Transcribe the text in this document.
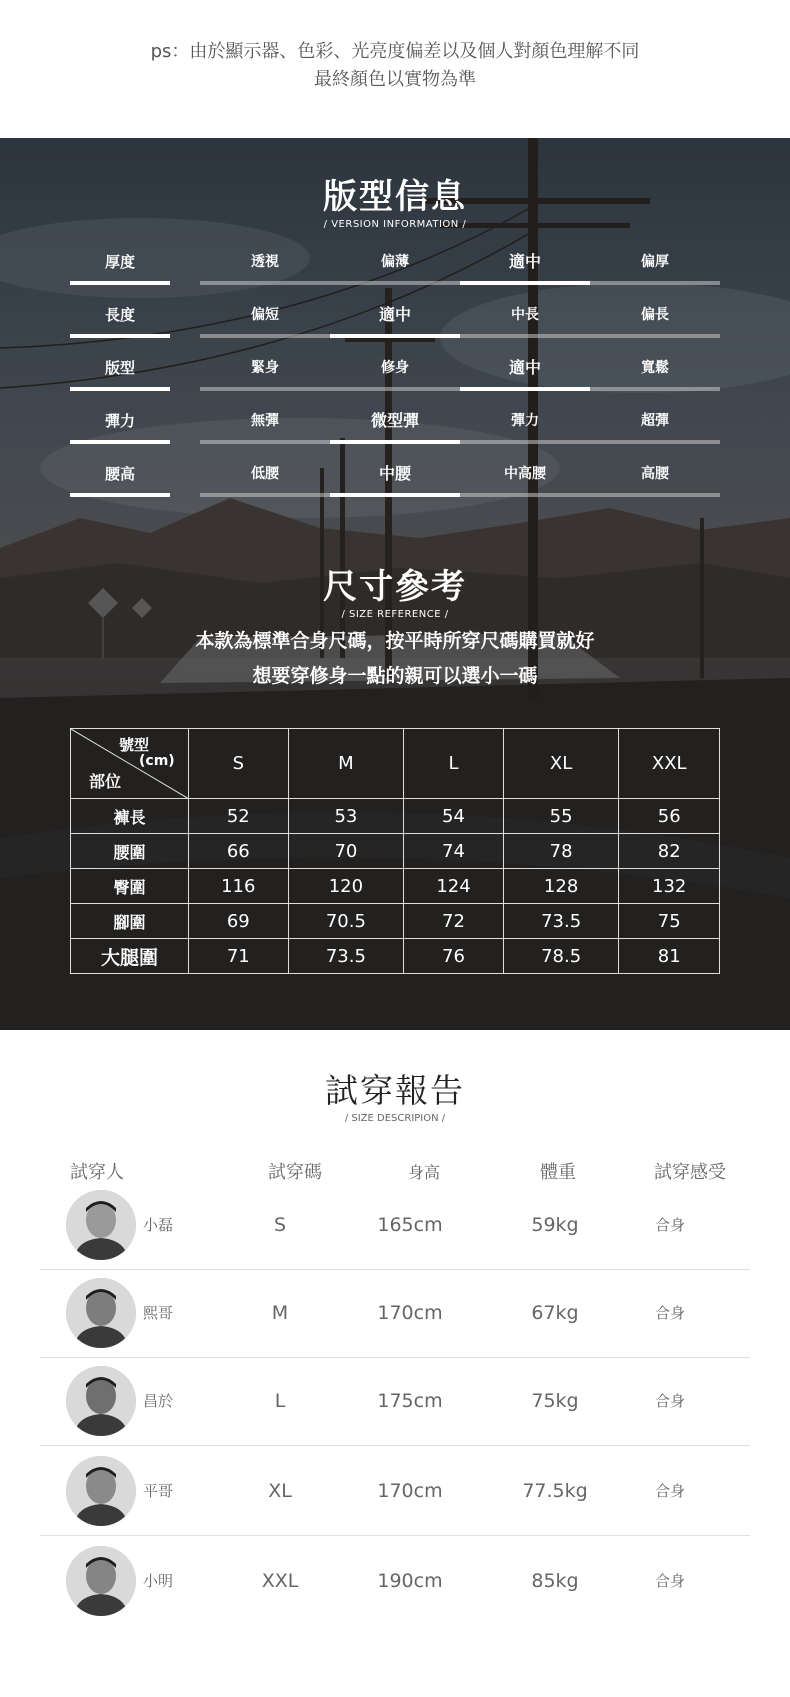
ps：由於顯示器、色彩、光亮度偏差以及個人對顏色理解不同
最終顏色以實物為準
版型信息
/ VERSION INFORMATION /
厚度	透視	偏薄	適中	偏厚
長度	偏短	適中	中長	偏長
版型	緊身	修身	適中	寬鬆
彈力	無彈	微型彈	彈力	超彈
腰高	低腰	中腰	中高腰	高腰
尺寸參考
/ SIZE REFERENCE /
本款為標準合身尺碼，按平時所穿尺碼購買就好
想要穿修身一點的親可以選小一碼
號型
(cm)
部位	S	M	L	XL	XXL
褲長	52	53	54	55	56
腰圍	66	70	74	78	82
臀圍	116	120	124	128	132
腳圍	69	70.5	72	73.5	75
大腿圍	71	73.5	76	78.5	81
試穿報告
/ SIZE DESCRIPION /
試穿人	試穿碼	身高	體重	試穿感受
小磊	S	165cm	59kg	合身
熙哥	M	170cm	67kg	合身
昌於	L	175cm	75kg	合身
平哥	XL	170cm	77.5kg	合身
小明	XXL	190cm	85kg	合身
